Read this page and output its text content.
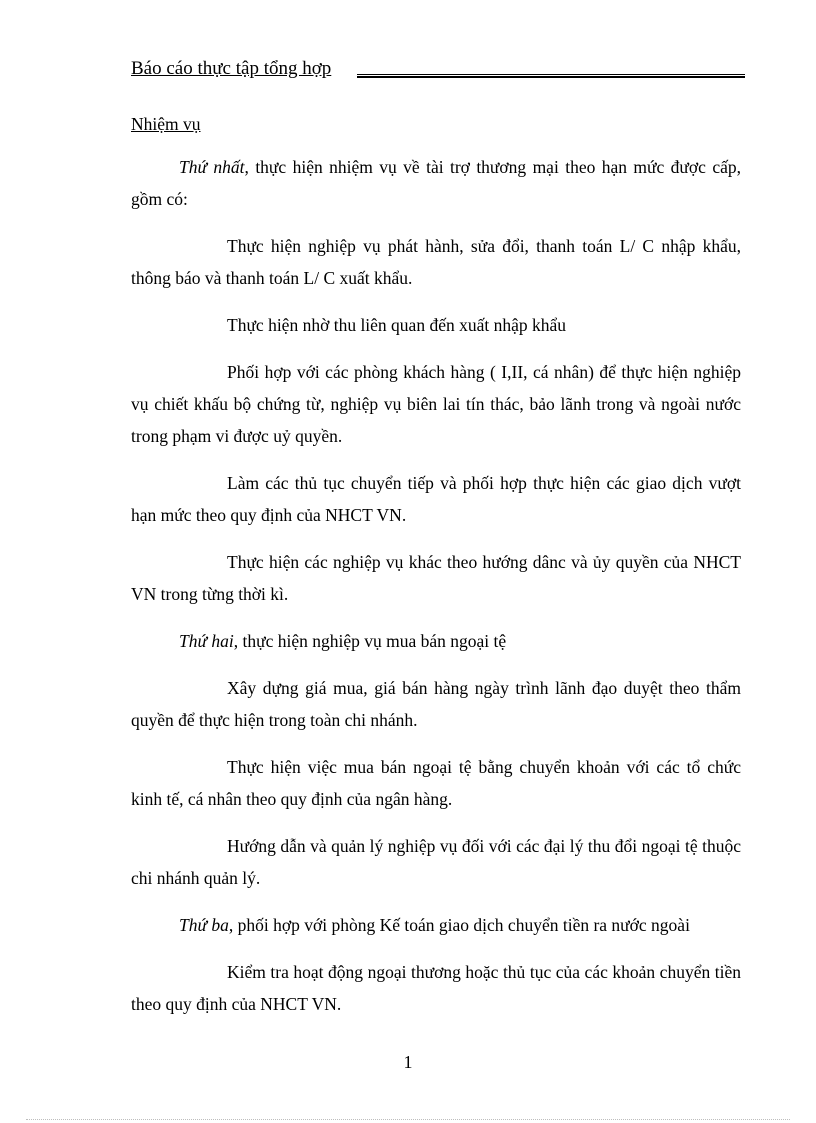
Báo cáo thực tập tổng hợp
Nhiệm vụ

Thứ nhất, thực hiện nhiệm vụ về tài trợ thương mại theo hạn mức được cấp, gồm có:

Thực hiện nghiệp vụ phát hành, sửa đổi, thanh toán L/ C nhập khẩu, thông báo và thanh toán L/ C xuất khẩu.

Thực hiện nhờ thu liên quan đến xuất nhập khẩu

Phối hợp với các phòng khách hàng ( I,II, cá nhân) để thực hiện nghiệp vụ chiết khấu bộ chứng từ, nghiệp vụ biên lai tín thác, bảo lãnh trong và ngoài nước trong phạm vi được uỷ quyền.

Làm các thủ tục chuyển tiếp và phối hợp thực hiện các giao dịch vượt hạn mức theo quy định của NHCT VN.

Thực hiện các nghiệp vụ khác theo hướng dânc và ủy quyền của NHCT VN trong từng thời kì.

Thứ hai, thực hiện nghiệp vụ mua bán ngoại tệ

Xây dựng giá mua, giá bán hàng ngày trình lãnh đạo duyệt theo thẩm quyền để thực hiện trong toàn chi nhánh.

Thực hiện việc mua bán ngoại tệ bằng chuyển khoản với các tổ chức kinh tế, cá nhân theo quy định của ngân hàng.

Hướng dẫn và quản lý nghiệp vụ đối với các đại lý thu đổi ngoại tệ thuộc chi nhánh quản lý.

Thứ ba, phối hợp với phòng Kế toán giao dịch chuyển tiền ra nước ngoài

Kiểm tra hoạt động ngoại thương hoặc thủ tục của các khoản chuyển tiền theo quy định của NHCT VN.

1
